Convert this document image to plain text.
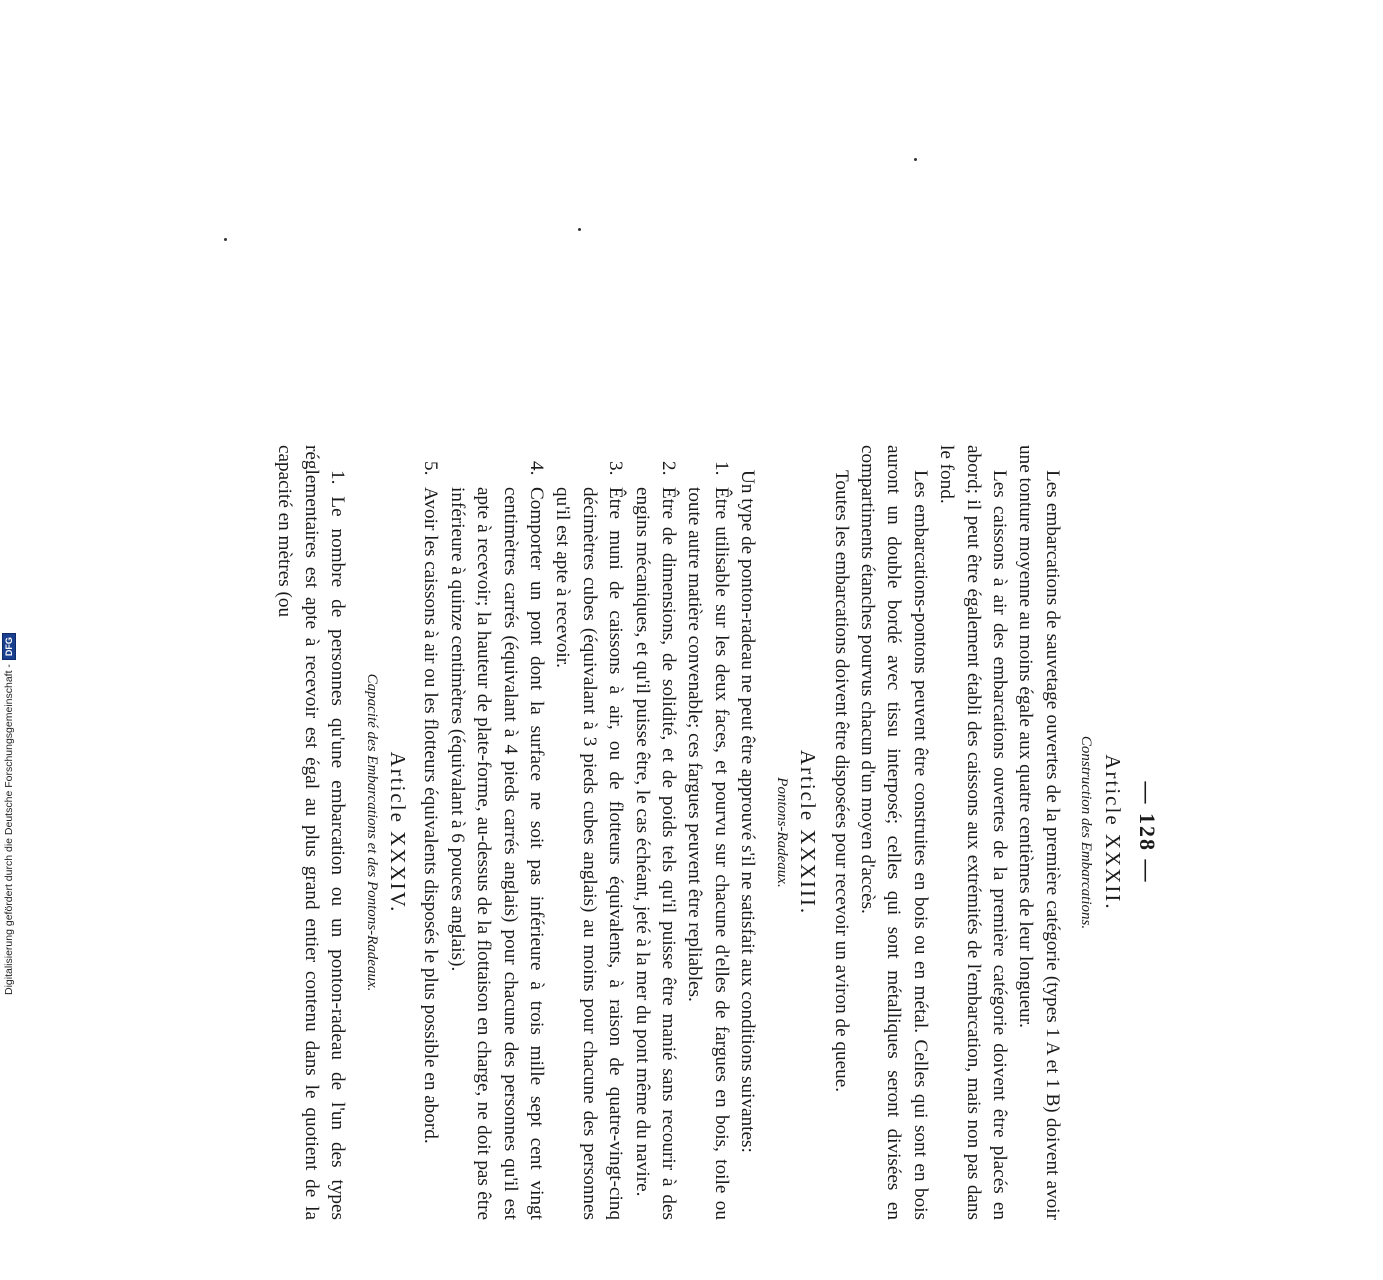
— 128 —
Article XXXII.
Construction des Embarcations.

Les embarcations de sauvetage ouvertes de la première catégorie (types 1 A et 1 B) doivent avoir une tonture moyenne au moins égale aux quatre centièmes de leur longueur.

Les caissons à air des embarcations ouvertes de la première catégorie doivent être placés en abord; il peut être également établi des caissons aux extrémités de l'embarcation, mais non pas dans le fond.

Les embarcations-pontons peuvent être construites en bois ou en métal. Celles qui sont en bois auront un double bordé avec tissu interposé; celles qui sont métalliques seront divisées en compartiments étanches pourvus chacun d'un moyen d'accès.

Toutes les embarcations doivent être disposées pour recevoir un aviron de queue.

Article XXXIII.
Pontons-Radeaux.

Un type de ponton-radeau ne peut être approuvé s'il ne satisfait aux conditions suivantes:

1.
Être utilisable sur les deux faces, et pourvu sur chacune d'elles de fargues en bois, toile ou toute autre matière convenable; ces fargues peuvent être repliables.
2.
Être de dimensions, de solidité, et de poids tels qu'il puisse être manié sans recourir à des engins mécaniques, et qu'il puisse être, le cas échéant, jeté à la mer du pont même du navire.
3.
Être muni de caissons à air, ou de flotteurs équivalents, à raison de quatre-vingt-cinq décimètres cubes (équivalant à 3 pieds cubes anglais) au moins pour chacune des personnes qu'il est apte à recevoir.
4.
Comporter un pont dont la surface ne soit pas inférieure à trois mille sept cent vingt centimètres carrés (équivalant à 4 pieds carrés anglais) pour chacune des personnes qu'il est apte à recevoir; la hauteur de plate-forme, au-dessus de la flottaison en charge, ne doit pas être inférieure à quinze centimètres (équivalant à 6 pouces anglais).
5.
Avoir les caissons à air ou les flotteurs équivalents disposés le plus possible en abord.
Article XXXIV.
Capacité des Embarcations et des Pontons-Radeaux.

1. Le nombre de personnes qu'une embarcation ou un ponton-radeau de l'un des types réglementaires est apte à recevoir est égal au plus grand entier contenu dans le quotient de la capacité en mètres (ou

Digitalisierung gefördert durch die Deutsche Forschungsgemeinschaft -
DFG
